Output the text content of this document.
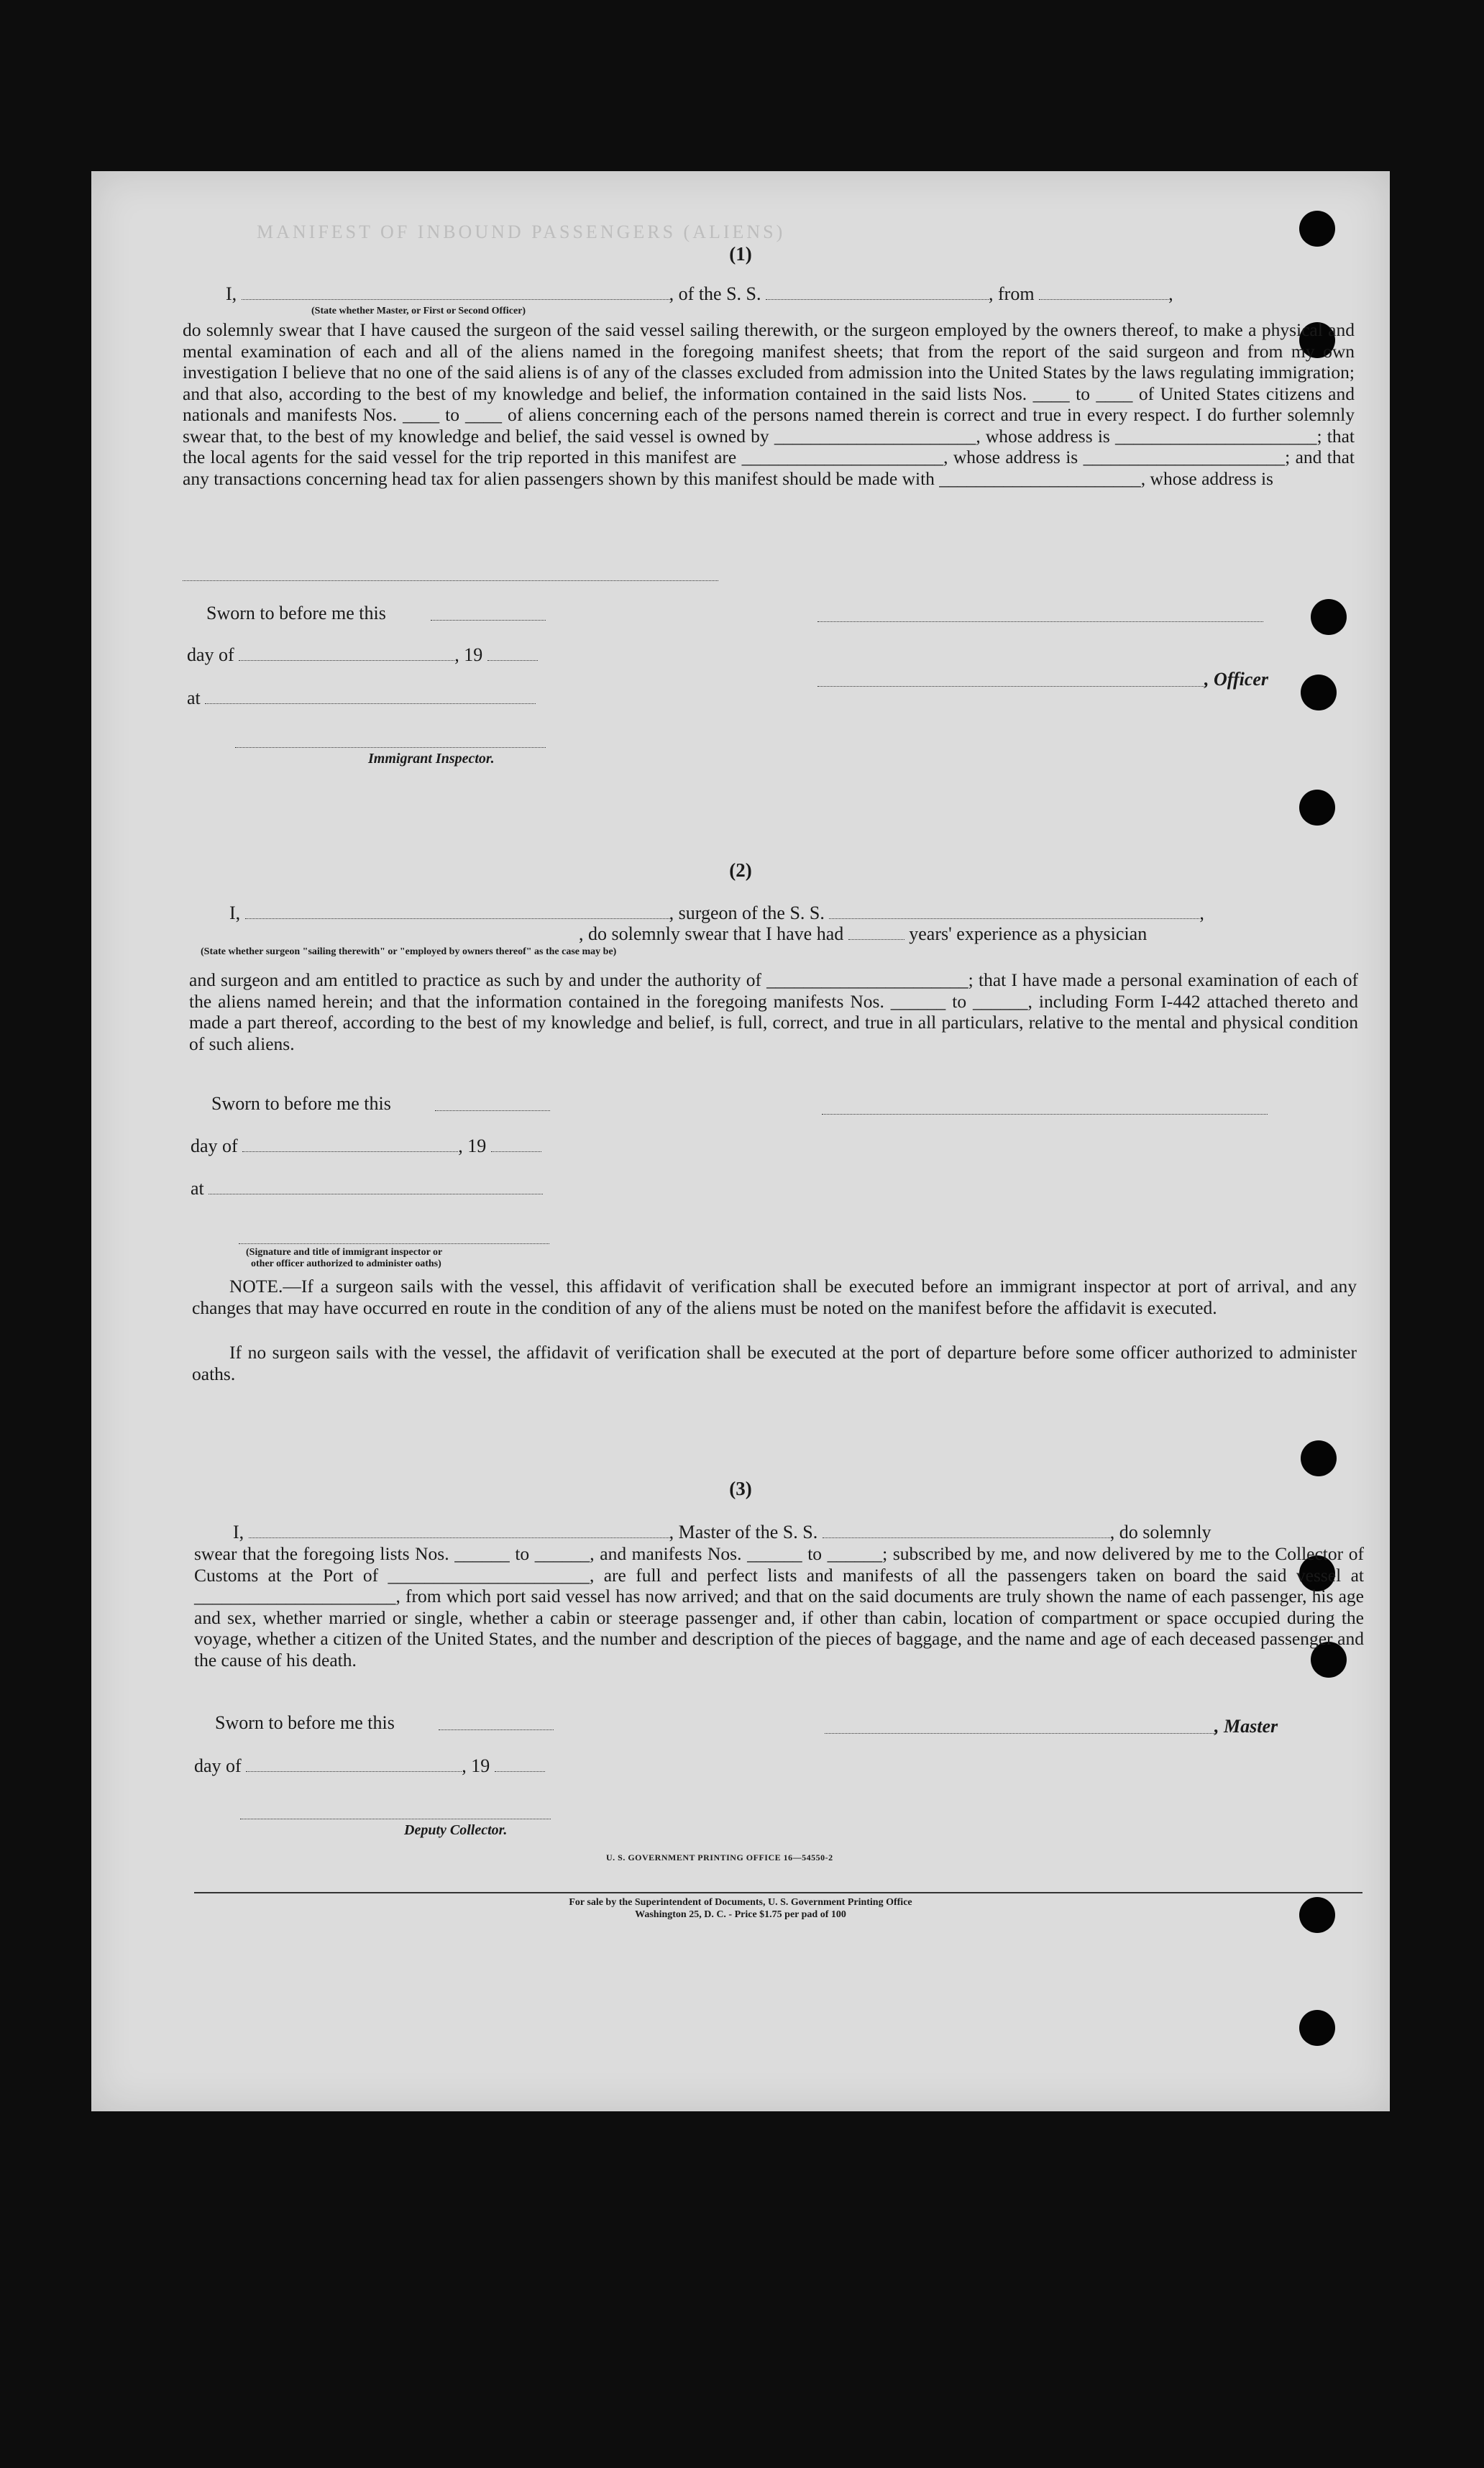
MANIFEST OF INBOUND PASSENGERS (ALIENS)
(1)
I,	, of the S. S.	, from	,
(State whether Master, or First or Second Officer)
do solemnly swear that I have caused the surgeon of the said vessel sailing therewith, or the surgeon employed by the owners thereof, to make a physical and mental examination of each and all of the aliens named in the foregoing manifest sheets; that from the report of the said surgeon and from my own investigation I believe that no one of the said aliens is of any of the classes excluded from admission into the United States by the laws regulating immigration; and that also, according to the best of my knowledge and belief, the information contained in the said lists Nos. ____ to ____ of United States citizens and nationals and manifests Nos. ____ to ____ of aliens concerning each of the persons named therein is correct and true in every respect. I do further solemnly swear that, to the best of my knowledge and belief, the said vessel is owned by ______________________, whose address is ______________________; that the local agents for the said vessel for the trip reported in this manifest are ______________________, whose address is ______________________; and that any transactions concerning head tax for alien passengers shown by this manifest should be made with ______________________, whose address is
Sworn to before me this
day of	, 19
, Officer
at
Immigrant Inspector.
(2)
I,	, surgeon of the S. S.	,
, do solemnly swear that I have had	years' experience as a physician
(State whether surgeon "sailing therewith" or "employed by owners thereof" as the case may be)
and surgeon and am entitled to practice as such by and under the authority of ______________________; that I have made a personal examination of each of the aliens named herein; and that the information contained in the foregoing manifests Nos. ______ to ______, including Form I-442 attached thereto and made a part thereof, according to the best of my knowledge and belief, is full, correct, and true in all particulars, relative to the mental and physical condition of such aliens.
Sworn to before me this
day of	, 19
at
(Signature and title of immigrant inspector or
other officer authorized to administer oaths)
NOTE.—If a surgeon sails with the vessel, this affidavit of verification shall be executed before an immigrant inspector at port of arrival, and any changes that may have occurred en route in the condition of any of the aliens must be noted on the manifest before the affidavit is executed.
If no surgeon sails with the vessel, the affidavit of verification shall be executed at the port of departure before some officer authorized to administer oaths.
(3)
I,	, Master of the S. S.	, do solemnly
swear that the foregoing lists Nos. ______ to ______, and manifests Nos. ______ to ______; subscribed by me, and now delivered by me to the Collector of Customs at the Port of ______________________, are full and perfect lists and manifests of all the passengers taken on board the said vessel at ______________________, from which port said vessel has now arrived; and that on the said documents are truly shown the name of each passenger, his age and sex, whether married or single, whether a cabin or steerage passenger and, if other than cabin, location of compartment or space occupied during the voyage, whether a citizen of the United States, and the number and description of the pieces of baggage, and the name and age of each deceased passenger and the cause of his death.
Sworn to before me this	, Master
day of	, 19
Deputy Collector.
U. S. GOVERNMENT PRINTING OFFICE 16—54550-2
For sale by the Superintendent of Documents, U. S. Government Printing Office
Washington 25, D. C. - Price $1.75 per pad of 100
